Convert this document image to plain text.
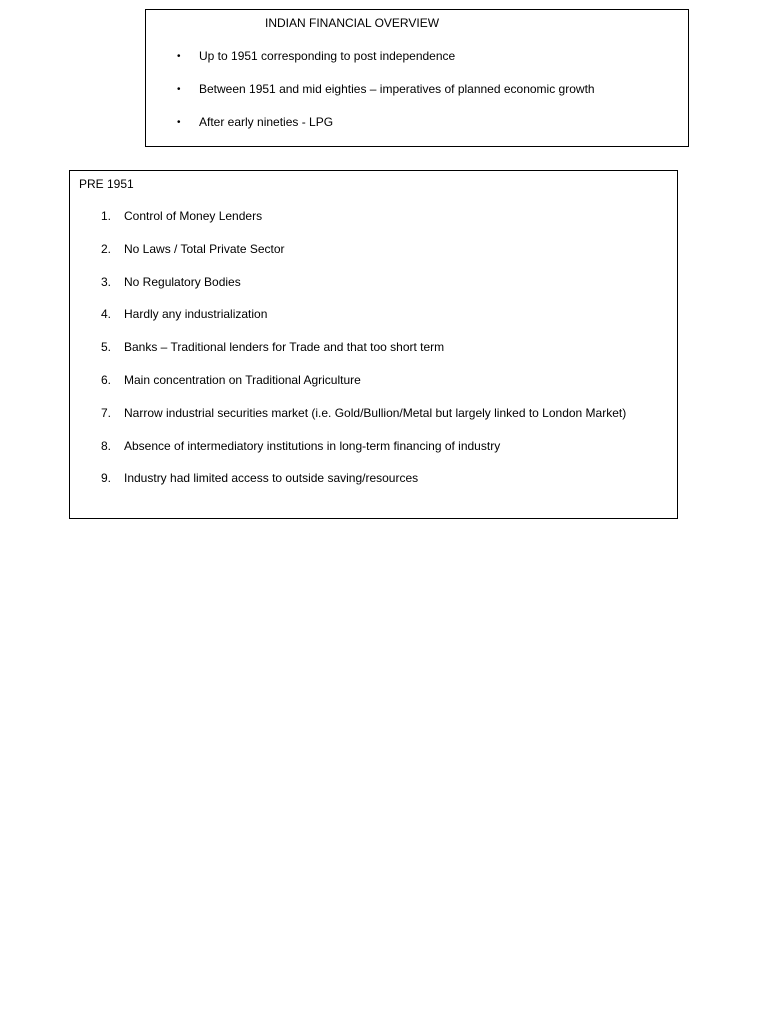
INDIAN FINANCIAL OVERVIEW
•	Up to 1951 corresponding to post independence
•	Between 1951 and mid eighties – imperatives of planned economic growth
•	After early nineties - LPG
PRE 1951
1.	Control of Money Lenders
2.	No Laws / Total Private Sector
3.	No Regulatory Bodies
4.	Hardly any industrialization
5.	Banks – Traditional lenders for Trade and that too short term
6.	Main concentration on Traditional Agriculture
7.	Narrow industrial securities market (i.e. Gold/Bullion/Metal but largely linked to London Market)
8.	Absence of intermediatory institutions in long-term financing of industry
9.	Industry had limited access to outside saving/resources
